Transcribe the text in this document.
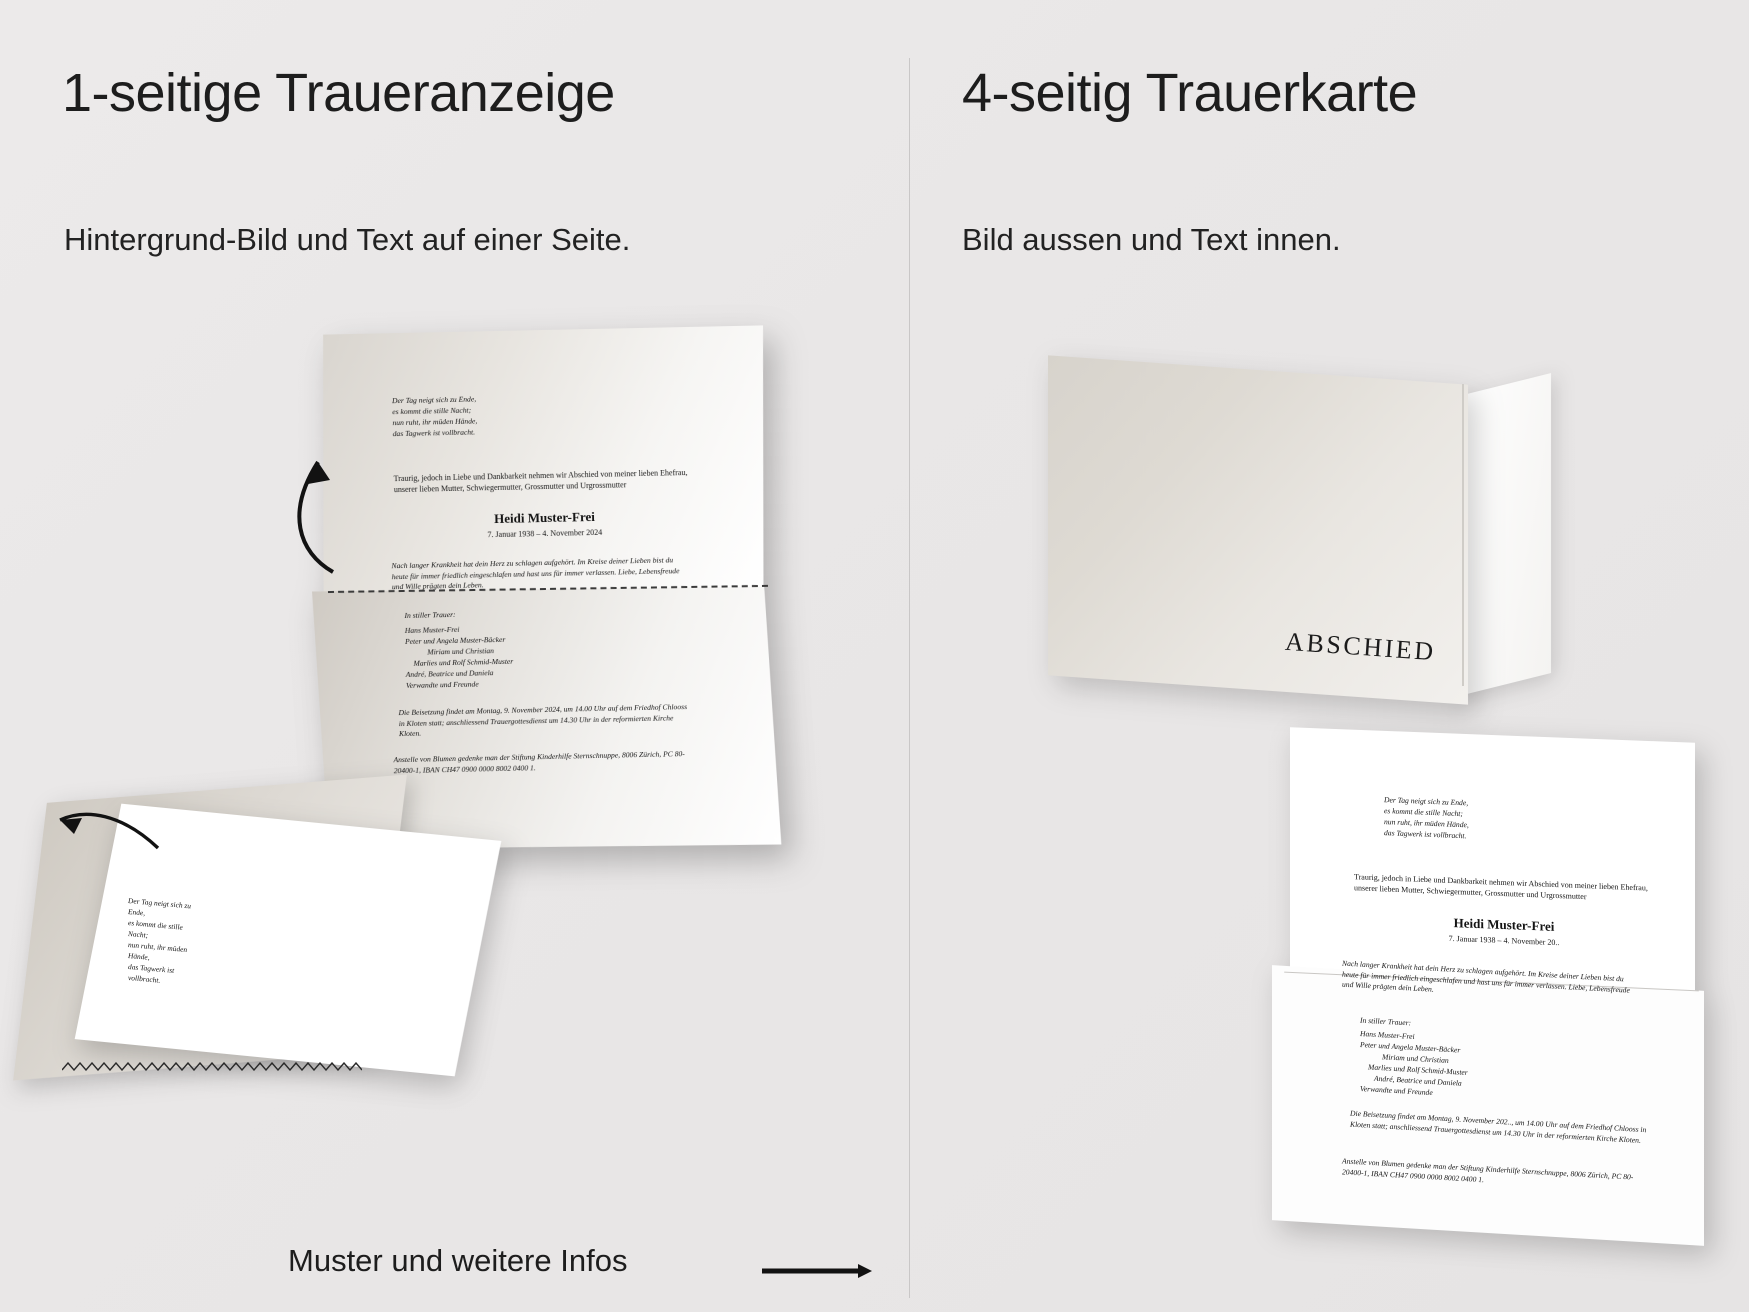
1-seitige Traueranzeige
Hintergrund-Bild und Text auf einer Seite.
4-seitig Trauerkarte
Bild aussen und Text innen.
Der Tag neigt sich zu Ende,
es kommt die stille Nacht;
nun ruht, ihr müden Hände,
das Tagwerk ist vollbracht.
Traurig, jedoch in Liebe und Dankbarkeit nehmen wir Abschied von meiner lieben Ehefrau, unserer lieben Mutter, Schwiegermutter, Grossmutter und Urgrossmutter
Heidi Muster-Frei
7. Januar 1938 – 4. November 2024
Nach langer Krankheit hat dein Herz zu schlagen aufgehört. Im Kreise deiner Lieben bist du heute für immer friedlich eingeschlafen und hast uns für immer verlassen. Liebe, Lebensfreude und Wille prägten dein Leben.
In stiller Trauer:
Hans Muster-Frei
Peter und Angela Muster-Bäcker
Miriam und Christian
Marlies und Rolf Schmid-Muster
André, Beatrice und Daniela
Verwandte und Freunde
Die Beisetzung findet am Montag, 9. November 2024, um 14.00 Uhr auf dem Friedhof Chlooss in Kloten statt; anschliessend Trauergottesdienst um 14.30 Uhr in der reformierten Kirche Kloten.
Anstelle von Blumen gedenke man der Stiftung Kinderhilfe Sternschnuppe, 8006 Zürich, PC 80-20400-1, IBAN CH47 0900 0000 8002 0400 1.
Der Tag neigt sich zu Ende,
es kommt die stille Nacht;
nun ruht, ihr müden Hände,
das Tagwerk ist vollbracht.
ABSCHIED
Der Tag neigt sich zu Ende,
es kommt die stille Nacht;
nun ruht, ihr müden Hände,
das Tagwerk ist vollbracht.
Traurig, jedoch in Liebe und Dankbarkeit nehmen wir Abschied von meiner lieben Ehefrau, unserer lieben Mutter, Schwiegermutter, Grossmutter und Urgrossmutter
Heidi Muster-Frei
7. Januar 1938 – 4. November 20..
Nach langer Krankheit hat dein Herz zu schlagen aufgehört. Im Kreise deiner Lieben bist du heute für immer friedlich eingeschlafen und hast uns für immer verlassen. Liebe, Lebensfreude und Wille prägten dein Leben.
In stiller Trauer:
Hans Muster-Frei
Peter und Angela Muster-Bäcker
Miriam und Christian
Marlies und Rolf Schmid-Muster
André, Beatrice und Daniela
Verwandte und Freunde
Die Beisetzung findet am Montag, 9. November 202.., um 14.00 Uhr auf dem Friedhof Chlooss in Kloten statt; anschliessend Trauergottesdienst um 14.30 Uhr in der reformierten Kirche Kloten.
Anstelle von Blumen gedenke man der Stiftung Kinderhilfe Sternschnuppe, 8006 Zürich, PC 80-20400-1, IBAN CH47 0900 0000 8002 0400 1.
Muster und weitere Infos
